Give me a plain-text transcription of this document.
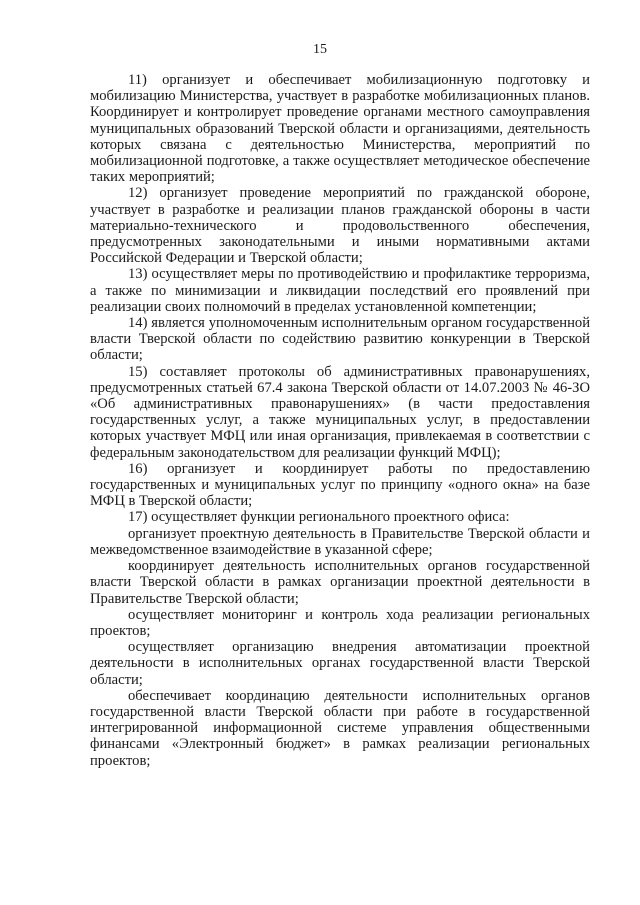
15

11) организует и обеспечивает мобилизационную подготовку и мобилизацию Министерства, участвует в разработке мобилизационных планов. Координирует и контролирует проведение органами местного самоуправления муниципальных образований Тверской области и организациями, деятельность которых связана с деятельностью Министерства, мероприятий по мобилизационной подготовке, а также осуществляет методическое обеспечение таких мероприятий;

12) организует проведение мероприятий по гражданской обороне, участвует в разработке и реализации планов гражданской обороны в части материально-технического и продовольственного обеспечения, предусмотренных законодательными и иными нормативными актами Российской Федерации и Тверской области;

13) осуществляет меры по противодействию и профилактике терроризма, а также по минимизации и ликвидации последствий его проявлений при реализации своих полномочий в пределах установленной компетенции;

14) является уполномоченным исполнительным органом государственной власти Тверской области по содействию развитию конкуренции в Тверской области;

15) составляет протоколы об административных правонарушениях, предусмотренных статьей 67.4 закона Тверской области от 14.07.2003 № 46-ЗО «Об административных правонарушениях» (в части предоставления государственных услуг, а также муниципальных услуг, в предоставлении которых участвует МФЦ или иная организация, привлекаемая в соответствии с федеральным законодательством для реализации функций МФЦ);

16) организует и координирует работы по предоставлению государственных и муниципальных услуг по принципу «одного окна» на базе МФЦ в Тверской области;

17) осуществляет функции регионального проектного офиса:

организует проектную деятельность в Правительстве Тверской области и межведомственное взаимодействие в указанной сфере;

координирует деятельность исполнительных органов государственной власти Тверской области в рамках организации проектной деятельности в Правительстве Тверской области;

осуществляет мониторинг и контроль хода реализации региональных проектов;

осуществляет организацию внедрения автоматизации проектной деятельности в исполнительных органах государственной власти Тверской области;

обеспечивает координацию деятельности исполнительных органов государственной власти Тверской области при работе в государственной интегрированной информационной системе управления общественными финансами «Электронный бюджет» в рамках реализации региональных проектов;
